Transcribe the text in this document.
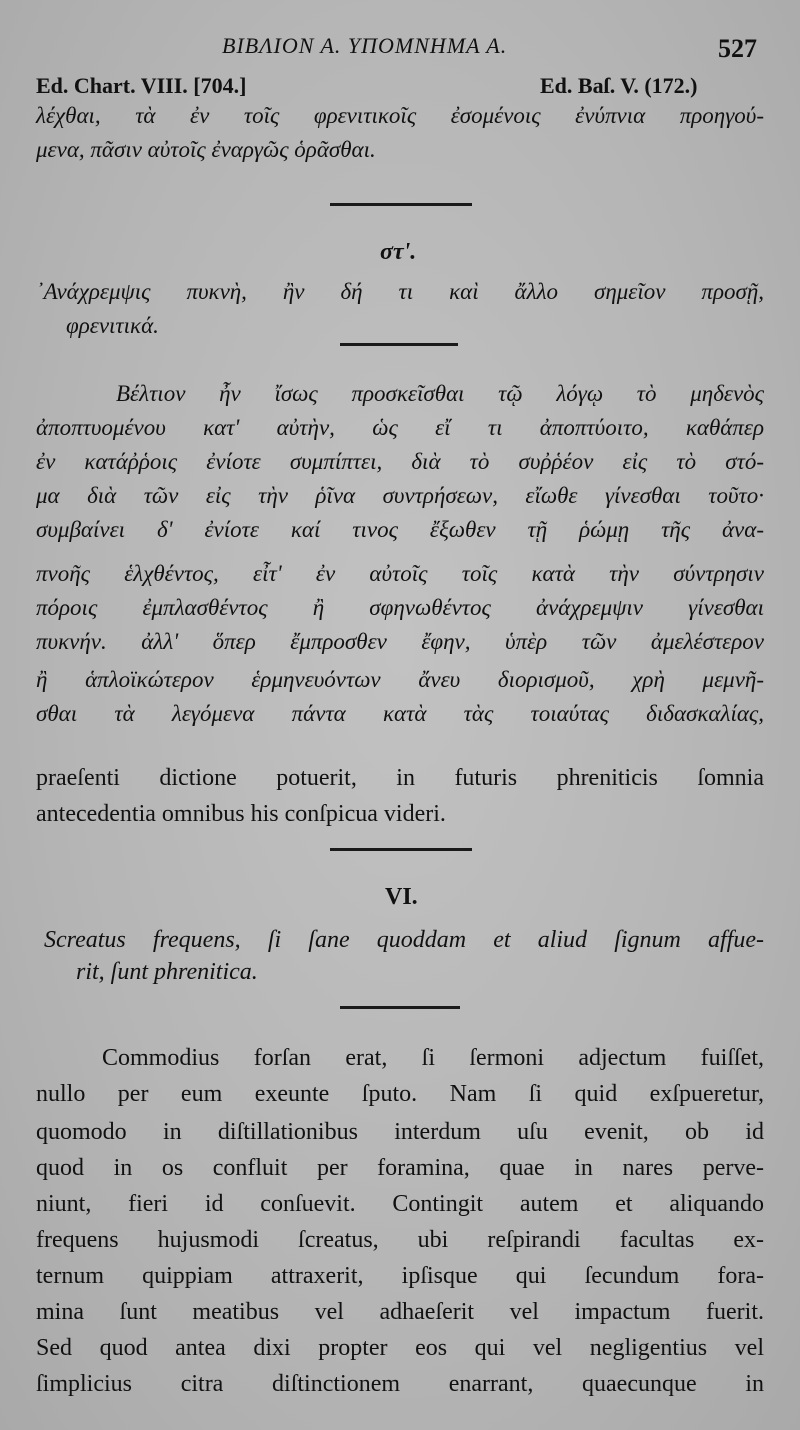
ΒΙΒΛΙΟΝ Α. ΥΠΟΜΝΗΜΑ Α.	527
Ed. Chart. VIII. [704.]	Ed. Baſ. V. (172.)
λέχθαι, τὰ ἐν τοῖς φρενιτικοῖς ἐσομένοις ἐνύπνια προηγού-
μενα, πᾶσιν αὐτοῖς ἐναργῶς ὁρᾶσθαι.
στ'.
᾿Ανάχρεμψις πυκνὴ, ἢν δή τι καὶ ἄλλο σημεῖον προσῇ,
φρενιτικά.
Βέλτιον ἦν ἴσως προσκεῖσθαι τῷ λόγῳ τὸ μηδενὸς
ἀποπτυομένου κατ' αὐτὴν, ὡς εἴ τι ἀποπτύοιτο, καθάπερ
ἐν κατάῤῥοις ἐνίοτε συμπίπτει, διὰ τὸ συῤῥέον εἰς τὸ στό-
μα διὰ τῶν εἰς τὴν ῥῖνα συντρήσεων, εἴωθε γίνεσθαι τοῦτο·
συμβαίνει δ' ἐνίοτε καί τινος ἔξωθεν τῇ ῥώμῃ τῆς ἀνα-
πνοῆς ἑλχθέντος, εἶτ' ἐν αὐτοῖς τοῖς κατὰ τὴν σύντρησιν
πόροις ἐμπλασθέντος ἢ σφηνωθέντος ἀνάχρεμψιν γίνεσθαι
πυκνήν. ἀλλ' ὅπερ ἔμπροσθεν ἔφην, ὑπὲρ τῶν ἀμελέστερον
ἢ ἁπλοϊκώτερον ἑρμηνευόντων ἄνευ διορισμοῦ, χρὴ μεμνῆ-
σθαι τὰ λεγόμενα πάντα κατὰ τὰς τοιαύτας διδασκαλίας,
praeſenti dictione potuerit, in futuris phreniticis ſomnia
antecedentia omnibus his conſpicua videri.
VI.
Screatus frequens, ſi ſane quoddam et aliud ſignum affue-
rit, ſunt phrenitica.
Commodius forſan erat, ſi ſermoni adjectum fuiſſet,
nullo per eum exeunte ſputo. Nam ſi quid exſpueretur,
quomodo in diſtillationibus interdum uſu evenit, ob id
quod in os confluit per foramina, quae in nares perve-
niunt, fieri id conſuevit. Contingit autem et aliquando
frequens hujusmodi ſcreatus, ubi reſpirandi facultas ex-
ternum quippiam attraxerit, ipſisque qui ſecundum fora-
mina ſunt meatibus vel adhaeſerit vel impactum fuerit.
Sed quod antea dixi propter eos qui vel negligentius vel
ſimplicius citra diſtinctionem enarrant, quaecunque in
